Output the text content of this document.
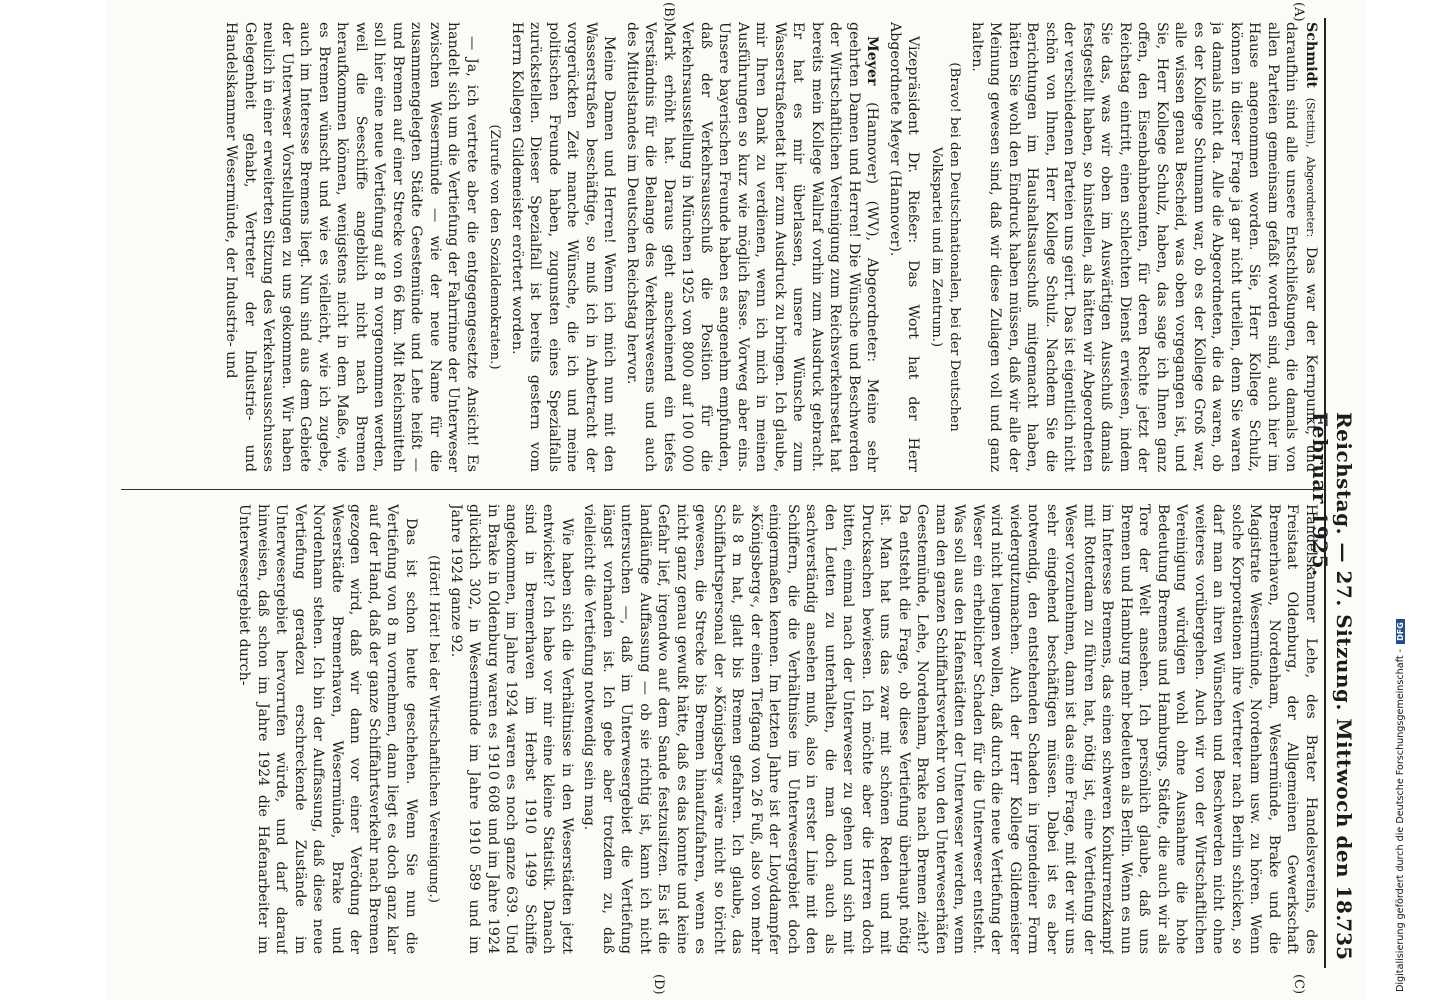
Reichstag. — 27. Sitzung. Mittwoch den 18. Februar 1925.
735
(A)
(B)
(C)
(D)

Schmidt (Stettin), Abgeordneter: Das war der Kernpunkt, und daraufhin sind alle unsere Entschließungen, die damals von allen Parteien gemeinsam gefaßt worden sind, auch hier im Hause angenommen worden. Sie, Herr Kollege Schulz, können in dieser Frage ja gar nicht urteilen, denn Sie waren ja damals nicht da. Alle die Abgeordneten, die da waren, ob es der Kollege Schumann war, ob es der Kollege Groß war, alle wissen genau Bescheid, was oben vorgegangen ist, und Sie, Herr Kollege Schulz, haben, das sage ich Ihnen ganz offen, den Eisenbahnbeamten, für deren Rechte jetzt der Reichstag eintritt, einen schlechten Dienst erwiesen, indem Sie das, was wir oben im Auswärtigen Ausschuß damals festgestellt haben, so hinstellen, als hätten wir Abgeordneten der verschiedenen Parteien uns geirrt. Das ist eigentlich nicht schön von Ihnen, Herr Kollege Schulz. Nachdem Sie die Berichtungen im Haushaltsausschuß mitgemacht haben, hätten Sie wohl den Eindruck haben müssen, daß wir alle der Meinung gewesen sind, daß wir diese Zulagen voll und ganz halten.

(Bravo! bei den Deutschnationalen, bei der Deutschen Volkspartei und im Zentrum.)

Vizepräsident Dr. Rießer: Das Wort hat der Herr Abgeordnete Meyer (Hannover).

Meyer (Hannover) (WV), Abgeordneter: Meine sehr geehrten Damen und Herren! Die Wünsche und Beschwerden der Wirtschaftlichen Vereinigung zum Reichsverkehrsetat hat bereits mein Kollege Wallraf vorhin zum Ausdruck gebracht. Er hat es mir überlassen, unsere Wünsche zum Wasserstraßenetat hier zum Ausdruck zu bringen. Ich glaube, mir Ihren Dank zu verdienen, wenn ich mich in meinen Ausführungen so kurz wie möglich fasse. Vorweg aber eins. Unsere bayerischen Freunde haben es angenehm empfunden, daß der Verkehrsausschuß die Position für die Verkehrsausstellung in München 1925 von 8000 auf 100 000 Mark erhöht hat. Daraus geht anscheinend ein tiefes Verständnis für die Belange des Verkehrswesens und auch des Mittelstandes im Deutschen Reichstag hervor.

Meine Damen und Herren! Wenn ich mich nun mit den Wasserstraßen beschäftige, so muß ich in Anbetracht der vorgerückten Zeit manche Wünsche, die ich und meine politischen Freunde haben, zugunsten eines Spezialfalls zurückstellen. Dieser Spezialfall ist bereits gestern vom Herrn Kollegen Gildemeister erörtert worden.

(Zurufe von den Sozialdemokraten.)

— Ja, ich vertrete aber die entgegengesetzte Ansicht! Es handelt sich um die Vertiefung der Fahrrinne der Unterweser zwischen Wesermünde — wie der neue Name für die zusammengelegten Städte Geestemünde und Lehe heißt — und Bremen auf einer Strecke von 66 km. Mit Reichsmitteln soll hier eine neue Vertiefung auf 8 m vorgenommen werden, weil die Seeschiffe angeblich nicht nach Bremen heraufkommen können, wenigstens nicht in dem Maße, wie es Bremen wünscht und wie es vielleicht, wie ich zugebe, auch im Interesse Bremens liegt. Nun sind aus dem Gebiete der Unterweser Vorstellungen zu uns gekommen. Wir haben neulich in einer erweiterten Sitzung des Verkehrsausschusses Gelegenheit gehabt, Vertreter der Industrie- und Handelskammer Wesermünde, der Industrie- und

Handelskammer Lehe, des Brater Handelsvereins, des Freistaat Oldenburg, der Allgemeinen Gewerkschaft Bremerhaven, Nordenham, Wesermünde, Brake und die Magistrate Wesermünde, Nordenham usw. zu hören. Wenn solche Korporationen ihre Vertreter nach Berlin schicken, so darf man an ihren Wünschen und Beschwerden nicht ohne weiteres vorübergehen. Auch wir von der Wirtschaftlichen Vereinigung würdigen wohl ohne Ausnahme die hohe Bedeutung Bremens und Hamburgs, Städte, die auch wir als Tore der Welt ansehen. Ich persönlich glaube, daß uns Bremen und Hamburg mehr bedeuten als Berlin. Wenn es nun im Interesse Bremens, das einen schweren Konkurrenzkampf mit Rotterdam zu führen hat, nötig ist, eine Vertiefung der Weser vorzunehmen, dann ist das eine Frage, mit der wir uns sehr eingehend beschäftigen müssen. Dabei ist es aber notwendig, den entstehenden Schaden in irgendeiner Form wiedergutzumachen. Auch der Herr Kollege Gildemeister wird nicht leugnen wollen, daß durch die neue Vertiefung der Weser ein erheblicher Schaden für die Unterweser entsteht. Was soll aus den Hafenstädten der Unterweser werden, wenn man den ganzen Schiffahrtsverkehr von den Unterweserhäfen Geestemünde, Lehe, Nordenham, Brake nach Bremen zieht? Da entsteht die Frage, ob diese Vertiefung überhaupt nötig ist. Man hat uns das zwar mit schönen Reden und mit Drucksachen bewiesen. Ich möchte aber die Herren doch bitten, einmal nach der Unterweser zu gehen und sich mit den Leuten zu unterhalten, die man doch auch als sachverständig ansehen muß, also in erster Linie mit den Schiffern, die die Verhältnisse im Unterwesergebiet doch einigermaßen kennen. Im letzten Jahre ist der Lloyddampfer »Königsberg«, der einen Tiefgang von 26 Fuß, also von mehr als 8 m hat, glatt bis Bremen gefahren. Ich glaube, das Schiffahrtspersonal der »Königsberg« wäre nicht so töricht gewesen, die Strecke bis Bremen hinaufzufahren, wenn es nicht ganz genau gewußt hätte, daß es das konnte und keine Gefahr lief, irgendwo auf dem Sande festzusitzen. Es ist die landläufige Auffassung — ob sie richtig ist, kann ich nicht untersuchen —, daß im Unterwesergebiet die Vertiefung längst vorhanden ist. Ich gebe aber trotzdem zu, daß vielleicht die Vertiefung notwendig sein mag.

Wie haben sich die Verhältnisse in den Weserstädten jetzt entwickelt? Ich habe vor mir eine kleine Statistik. Danach sind in Bremerhaven im Herbst 1910 1499 Schiffe angekommen, im Jahre 1924 waren es noch ganze 639. Und in Brake in Oldenburg waren es 1910 608 und im Jahre 1924 glücklich 302, in Wesermünde im Jahre 1910 589 und im Jahre 1924 ganze 92.

(Hört! Hört! bei der Wirtschaftlichen Vereinigung.)

Das ist schon heute geschehen. Wenn Sie nun die Vertiefung von 8 m vornehmen, dann liegt es doch ganz klar auf der Hand, daß der ganze Schiffahrtsverkehr nach Bremen gezogen wird, daß wir dann vor einer Verödung der Weserstädte Bremerhaven, Wesermünde, Brake und Nordenham stehen. Ich bin der Auffassung, daß diese neue Vertiefung geradezu erschreckende Zustände im Unterwesergebiet hervorrufen würde, und darf darauf hinweisen, daß schon im Jahre 1924 die Hafenarbeiter im Unterwesergebiet durch-

Digitalisierung gefördert durch die Deutsche Forschungsgemeinschaft - DFG
